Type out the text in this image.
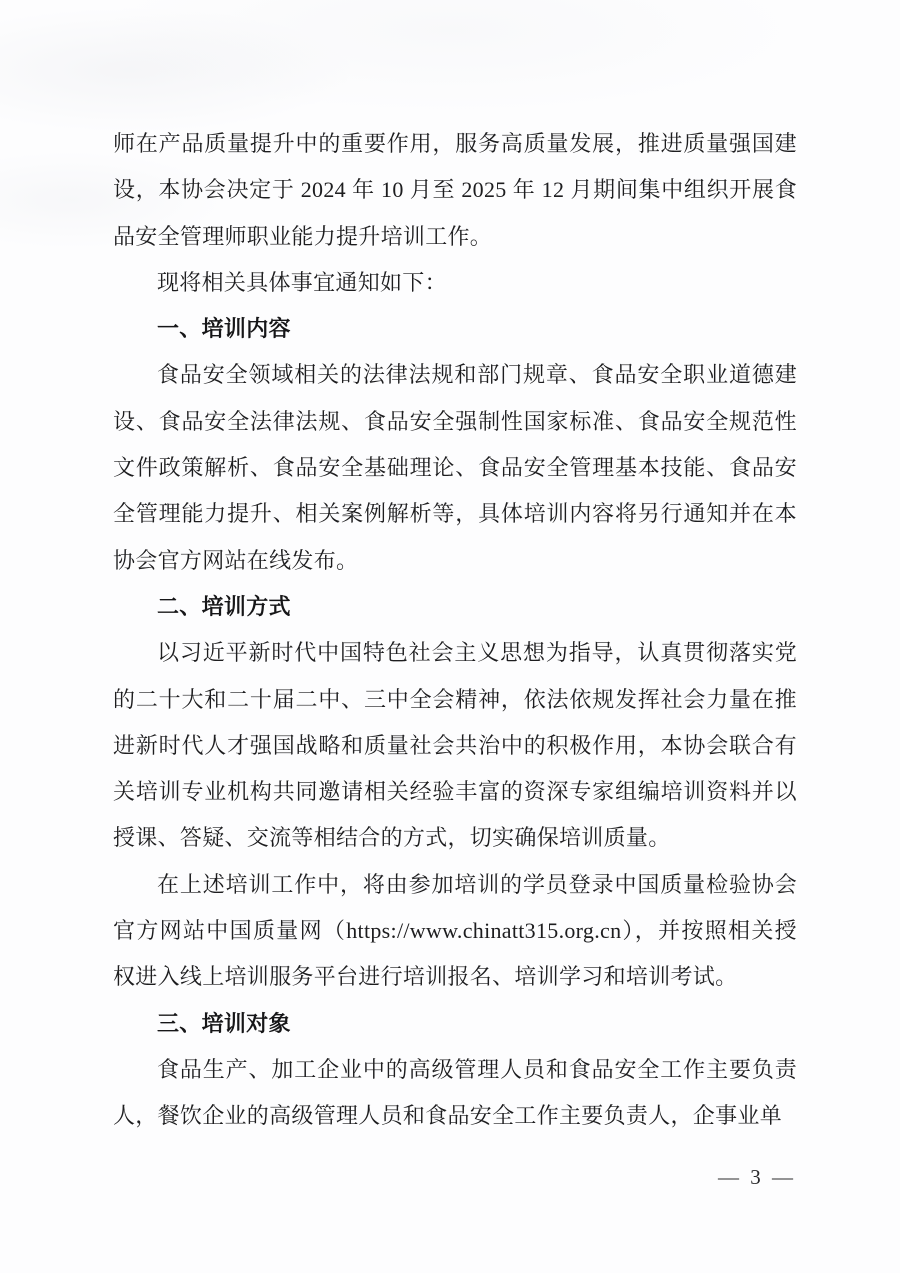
师在产品质量提升中的重要作用，服务高质量发展，推进质量强国建设，本协会决定于 2024 年 10 月至 2025 年 12 月期间集中组织开展食品安全管理师职业能力提升培训工作。

现将相关具体事宜通知如下：

一、培训内容

食品安全领域相关的法律法规和部门规章、食品安全职业道德建设、食品安全法律法规、食品安全强制性国家标准、食品安全规范性文件政策解析、食品安全基础理论、食品安全管理基本技能、食品安全管理能力提升、相关案例解析等，具体培训内容将另行通知并在本协会官方网站在线发布。

二、培训方式

以习近平新时代中国特色社会主义思想为指导，认真贯彻落实党的二十大和二十届二中、三中全会精神，依法依规发挥社会力量在推进新时代人才强国战略和质量社会共治中的积极作用，本协会联合有关培训专业机构共同邀请相关经验丰富的资深专家组编培训资料并以授课、答疑、交流等相结合的方式，切实确保培训质量。

在上述培训工作中，将由参加培训的学员登录中国质量检验协会官方网站中国质量网（https://www.chinatt315.org.cn），并按照相关授权进入线上培训服务平台进行培训报名、培训学习和培训考试。

三、培训对象

食品生产、加工企业中的高级管理人员和食品安全工作主要负责人，餐饮企业的高级管理人员和食品安全工作主要负责人，企事业单

— 3 —
